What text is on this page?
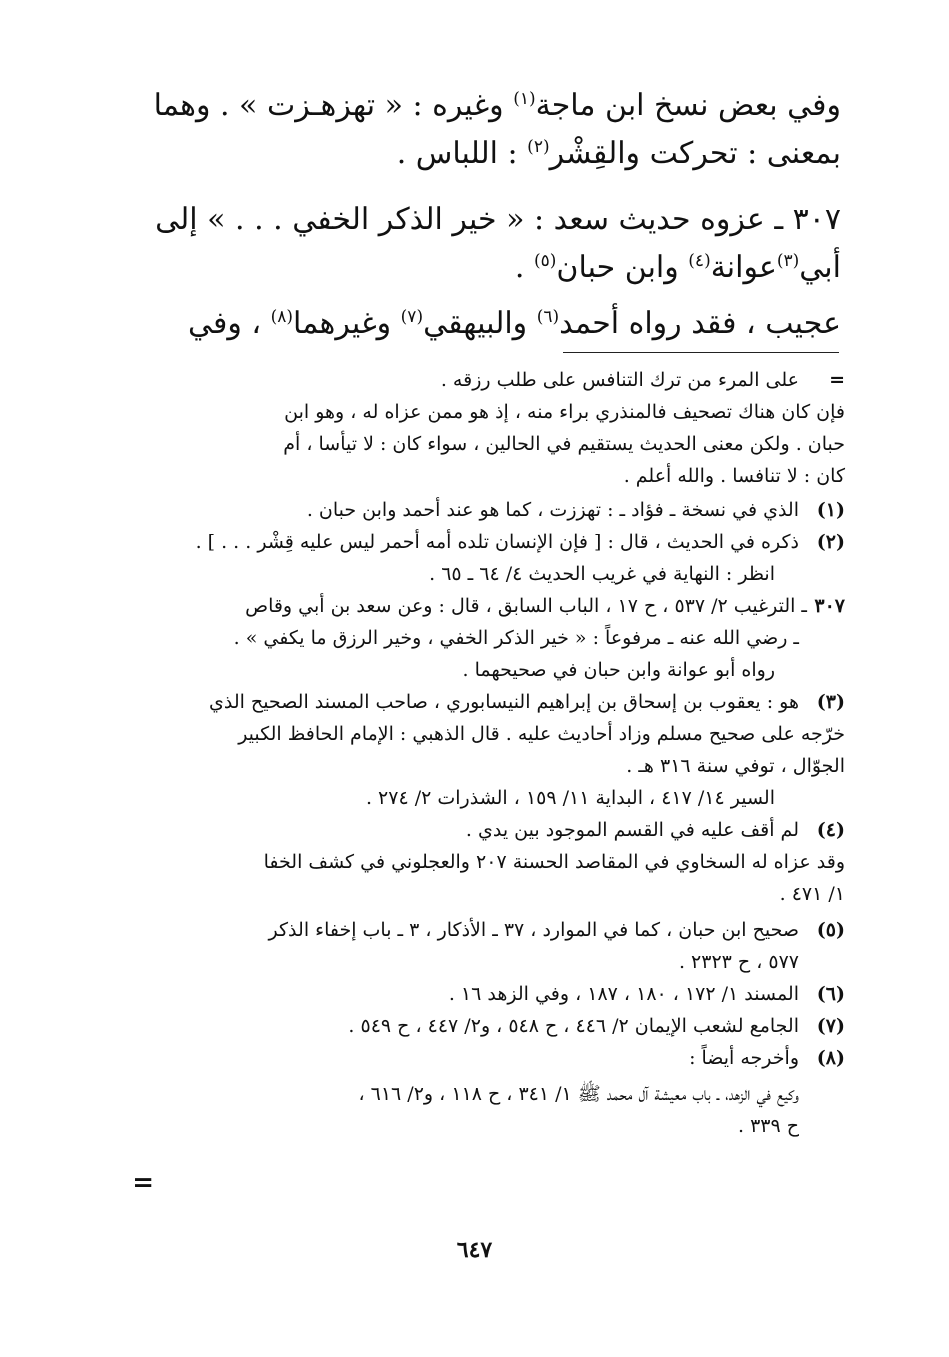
وفي بعض نسخ ابن ماجة$^{(١)}$ وغيره : « تهزهـزت » . وهما
بمعنى : تحركت والقِشْر$^{(٢)}$ : اللباس .
٣٠٧ ـ عزوه حديث سعد : « خير الذكر الخفي . . . » إلى
أبي$^{(٣)}$عوانة$^{(٤)}$ وابن حبان$^{(٥)}$ .
عجيب ، فقد رواه أحمد$^{(٦)}$ والبيهقي$^{(٧)}$ وغيرهما$^{(٨)}$ ، وفي
=
على المرء من ترك التنافس على طلب رزقه .
فإن كان هناك تصحيف فالمنذري براء منه ، إذ هو ممن عزاه له ، وهو ابن
حبان . ولكن معنى الحديث يستقيم في الحالين ، سواء كان : لا تيأسا ، أم
كان : لا تنافسا . والله أعلم .
(١)
الذي في نسخة ـ فؤاد ـ : تهززت ، كما هو عند أحمد وابن حبان .
(٢)
ذكره في الحديث ، قال : [ فإن الإنسان تلده أمه أحمر ليس عليه قِشْر . . . ] .
انظر : النهاية في غريب الحديث ٤/ ٦٤ ـ ٦٥ .
٣٠٧
ـ الترغيب ٢/ ٥٣٧ ، ح ١٧ ، الباب السابق ، قال : وعن سعد بن أبي وقاص
ـ رضي الله عنه ـ مرفوعاً : « خير الذكر الخفي ، وخير الرزق ما يكفي » .
رواه أبو عوانة وابن حبان في صحيحهما .
(٣)
هو : يعقوب بن إسحاق بن إبراهيم النيسابوري ، صاحب المسند الصحيح الذي
خرّجه على صحيح مسلم وزاد أحاديث عليه . قال الذهبي : الإمام الحافظ الكبير
الجوّال ، توفي سنة ٣١٦ هـ .
السير ١٤/ ٤١٧ ، البداية ١١/ ١٥٩ ، الشذرات ٢/ ٢٧٤ .
(٤)
لم أقف عليه في القسم الموجود بين يدي .
وقد عزاه له السخاوي في المقاصد الحسنة ٢٠٧ والعجلوني في كشف الخفا
١/ ٤٧١ .
(٥)
صحيح ابن حبان ، كما في الموارد ، ٣٧ ـ الأذكار ، ٣ ـ باب إخفاء الذكر
٥٧٧ ، ح ٢٣٢٣ .
(٦)
المسند ١/ ١٧٢ ، ١٨٠ ، ١٨٧ ، وفي الزهد ١٦ .
(٧)
الجامع لشعب الإيمان ٢/ ٤٤٦ ، ح ٥٤٨ ، و٢/ ٤٤٧ ، ح ٥٤٩ .
(٨)
وأخرجه أيضاً :
وكيع في الزهد، ـ باب معيشة آل محمد ﷺ ١/ ٣٤١ ، ح ١١٨ ، و٢/ ٦١٦ ،
ح ٣٣٩ .
=
٦٤٧
